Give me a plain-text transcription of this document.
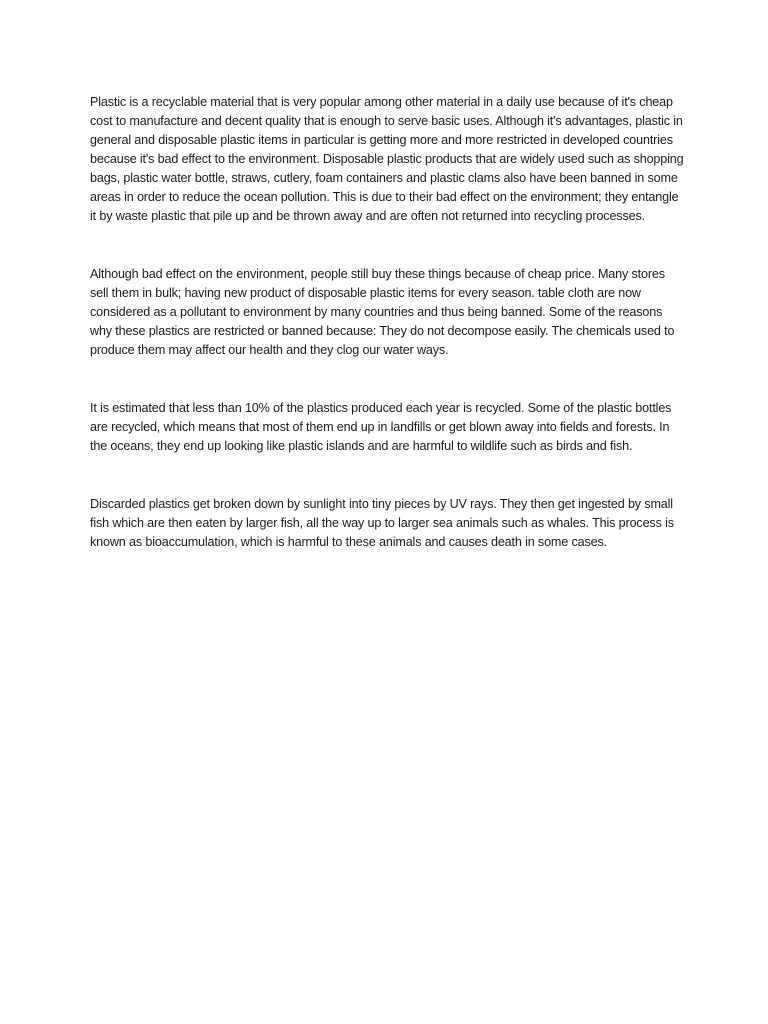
Plastic is a recyclable material that is very popular among other material in a daily use because of it's cheap cost to manufacture and decent quality that is enough to serve basic uses. Although it's advantages, plastic in general and disposable plastic items in particular is getting more and more restricted in developed countries because it's bad effect to the environment. Disposable plastic products that are widely used such as shopping bags, plastic water bottle, straws, cutlery, foam containers and plastic clams also have been banned in some areas in order to reduce the ocean pollution. This is due to their bad effect on the environment; they entangle it by waste plastic that pile up and be thrown away and are often not returned into recycling processes.

Although bad effect on the environment, people still buy these things because of cheap price. Many stores sell them in bulk; having new product of disposable plastic items for every season. table cloth are now considered as a pollutant to environment by many countries and thus being banned. Some of the reasons why these plastics are restricted or banned because: They do not decompose easily. The chemicals used to produce them may affect our health and they clog our water ways.

It is estimated that less than 10% of the plastics produced each year is recycled. Some of the plastic bottles are recycled, which means that most of them end up in landfills or get blown away into fields and forests. In the oceans, they end up looking like plastic islands and are harmful to wildlife such as birds and fish.

Discarded plastics get broken down by sunlight into tiny pieces by UV rays. They then get ingested by small fish which are then eaten by larger fish, all the way up to larger sea animals such as whales. This process is known as bioaccumulation, which is harmful to these animals and causes death in some cases.
